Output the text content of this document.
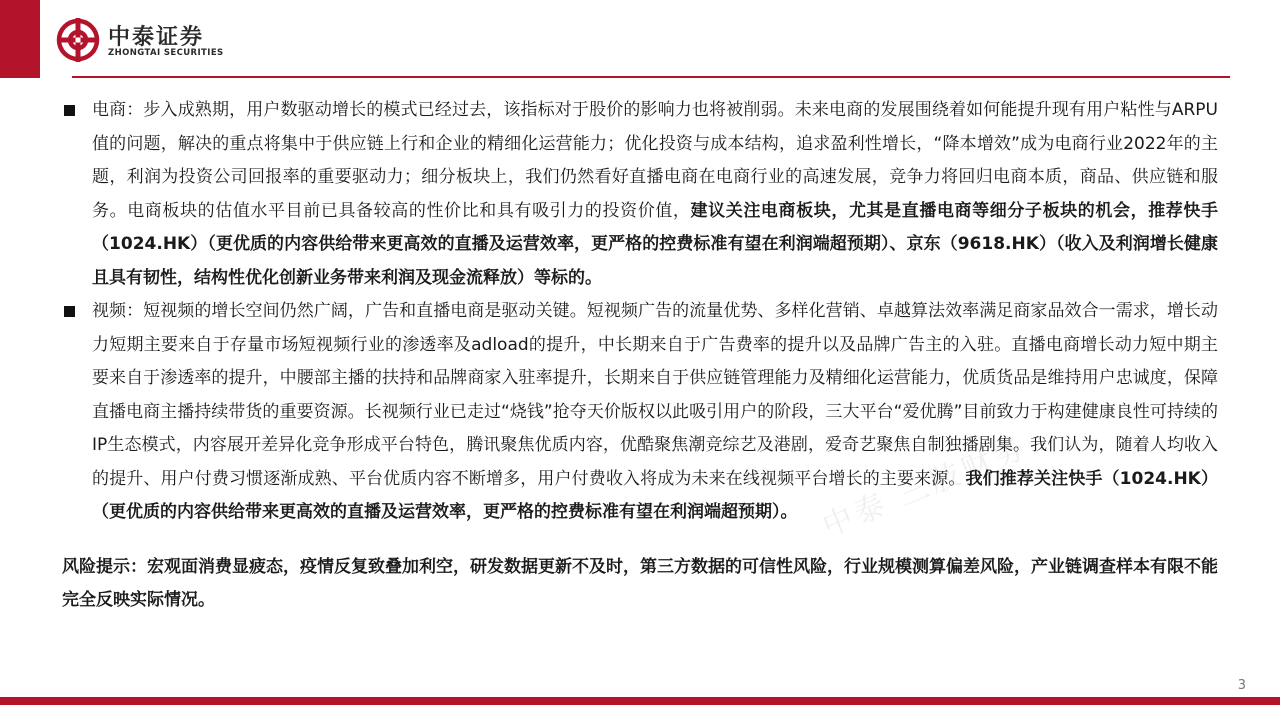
中泰证券
ZHONGTAI SECURITIES
电商：步入成熟期，用户数驱动增长的模式已经过去，该指标对于股价的影响力也将被削弱。未来电商的发展围绕着如何能提升现有用户粘性与ARPU值的问题，解决的重点将集中于供应链上行和企业的精细化运营能力；优化投资与成本结构，追求盈利性增长，“降本增效”成为电商行业2022年的主题，利润为投资公司回报率的重要驱动力；细分板块上，我们仍然看好直播电商在电商行业的高速发展，竞争力将回归电商本质，商品、供应链和服务。电商板块的估值水平目前已具备较高的性价比和具有吸引力的投资价值，建议关注电商板块，尤其是直播电商等细分子板块的机会，推荐快手（1024.HK）（更优质的内容供给带来更高效的直播及运营效率，更严格的控费标准有望在利润端超预期）、京东（9618.HK）（收入及利润增长健康且具有韧性，结构性优化创新业务带来利润及现金流释放）等标的。
视频：短视频的增长空间仍然广阔，广告和直播电商是驱动关键。短视频广告的流量优势、多样化营销、卓越算法效率满足商家品效合一需求，增长动力短期主要来自于存量市场短视频行业的渗透率及adload的提升，中长期来自于广告费率的提升以及品牌广告主的入驻。直播电商增长动力短中期主要来自于渗透率的提升，中腰部主播的扶持和品牌商家入驻率提升，长期来自于供应链管理能力及精细化运营能力，优质货品是维持用户忠诚度，保障直播电商主播持续带货的重要资源。长视频行业已走过“烧钱”抢夺天价版权以此吸引用户的阶段，三大平台“爱优腾”目前致力于构建健康良性可持续的IP生态模式，内容展开差异化竞争形成平台特色，腾讯聚焦优质内容，优酷聚焦潮竞综艺及港剧，爱奇艺聚焦自制独播剧集。我们认为，随着人均收入的提升、用户付费习惯逐渐成熟、平台优质内容不断增多，用户付费收入将成为未来在线视频平台增长的主要来源。我们推荐关注快手（1024.HK）（更优质的内容供给带来更高效的直播及运营效率，更严格的控费标准有望在利润端超预期）。
风险提示：宏观面消费显疲态，疫情反复致叠加利空，研发数据更新不及时，第三方数据的可信性风险，行业规模测算偏差风险，产业链调查样本有限不能完全反映实际情况。
中泰 三肢财务
3
